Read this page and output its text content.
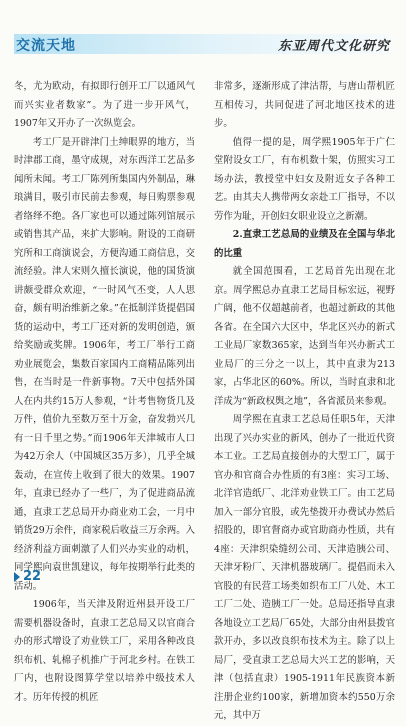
交流天地	东亚周代文化研究

冬，尤为欧动，有拟即行创开工厂以通风气而兴实业者数家”。为了进一步开风气，1907年又开办了一次纵览会。

考工厂是开辟津门土绅眼界的地方，当时津郡工商，墨守成规，对东西洋工艺品多闻所未闻。考工厂陈列所集国内外制品，琳琅满目，吸引市民前去参观，每日购票参观者络绎不绝。各厂家也可以通过陈列馆展示或销售其产品，来扩大影响。附设的工商研究所和工商演说会，方便沟通工商信息，交流经验。津人宋则久擅长演说，他的国货演讲颇受群众欢迎，“一时风气丕变，人人思奋，颇有明治维新之象。”在抵制洋货提倡国货的运动中，考工厂还对新的发明创造，颁给奖励或奖牌。1906年，考工厂举行工商劝业展览会，集数百家国内工商精品陈列出售，在当时是一件新事物。7天中包括外国人在内共约15万人参观，“计考售物货几及万件，值价九至数万至十万金，奋发勃兴几有一日千里之势。”而1906年天津城市人口为42万余人（中国城区35万多），几乎全城轰动，在宣传上收到了很大的效果。1907年，直隶已经办了一些厂，为了促进商品流通，直隶工艺总局开办商业劝工会，一月中销货29万余件，商家税后收益三万余两。入经济利益方面刺激了人们兴办实业的动机，同学熙向袁世凯建议，每年按期举行此类的活动。

1906年，当天津及附近州县开设工厂需要机器设备时，直隶工艺总局又以官商合办的形式增设了劝业铁工厂，采用各种改良织布机、轧棉子机推广于河北乡村。在铁工厂内，也附设图算学堂以培养中级技术人才。历年传授的机匠

非常多，逐渐形成了津沽帮，与唐山帮机匠互相传习，共同促进了河北地区技术的进步。

值得一提的是，周学熙1905年于广仁堂附设女工厂，有布机数十架，仿照实习工场办法，教授堂中妇女及附近女子各种工艺。由其夫人携带两女亲赴工厂指导，不以劳作为耻，开创妇女职业设立之新潮。

2.直隶工艺总局的业绩及在全国与华北的比重

就全国范围看，工艺局首先出现在北京。周学熙总办直隶工艺局目标宏远，视野广阔，他不仅超越前者，也超过新政的其他各省。在全国六大区中，华北区兴办的新式工业局厂家数365家，达到当年兴办新式工业局厂的三分之一以上，其中直隶为213家，占华北区的60%。所以，当时直隶和北洋成为“新政权舆之地”，各省派员来参观。

周学熙在直隶工艺总局任职5年，天津出现了兴办实业的新风，创办了一批近代资本工业。工艺局直接创办的大型工厂，属于官办和官商合办性质的有3座：实习工场、北洋官造纸厂、北洋劝业铁工厂。由工艺局加入一部分官股，或先垫拨开办费试办然后招股的，即官督商办或官助商办性质，共有4座：天津织染缝纫公司、天津造胰公司、天津牙粉厂、天津机器玻璃厂。提倡而未入官股的有民营工场类如织布工厂八处、木工工厂二处、造胰工厂一处。总局还指导直隶各地设立工艺局厂65处，大部分由州县拨官款开办，多以改良织布技术为主。除了以上局厂，受直隶工艺总局大兴工艺的影响，天津（包括直隶）1905-1911年民族资本新注册企业约100家，新增加资本约550万余元，其中万

22
